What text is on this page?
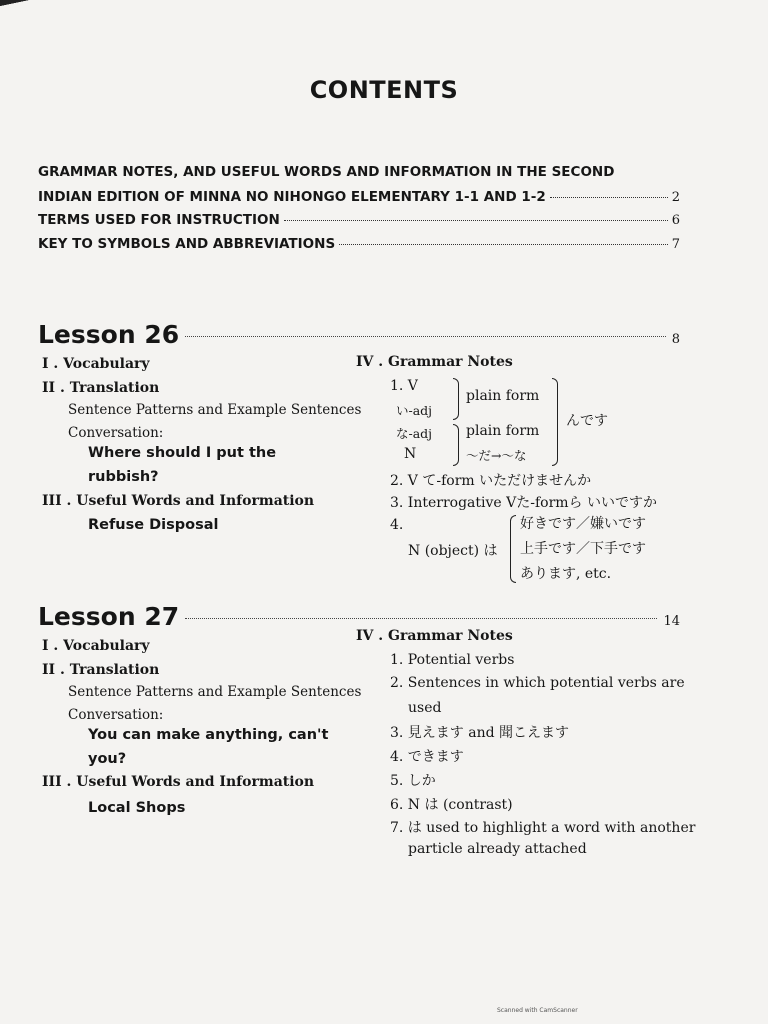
CONTENTS
GRAMMAR NOTES, AND USEFUL WORDS AND INFORMATION IN THE SECOND
INDIAN EDITION OF MINNA NO NIHONGO ELEMENTARY 1-1 AND 1-2	2
TERMS USED FOR INSTRUCTION	6
KEY TO SYMBOLS AND ABBREVIATIONS	7
Lesson 26	8
I . Vocabulary
II . Translation
Sentence Patterns and Example Sentences
Conversation:
Where should I put the
rubbish?
III . Useful Words and Information
Refuse Disposal
IV . Grammar Notes
1. V
い-adj
plain form
な-adj
N
plain form
～だ→～な
んです
2. V て-form いただけませんか
3. Interrogative Vた-formら いいですか
4.
N (object) は
好きです／嫌いです
上手です／下手です
あります, etc.
Lesson 27	14
I . Vocabulary
II . Translation
Sentence Patterns and Example Sentences
Conversation:
You can make anything, can't
you?
III . Useful Words and Information
Local Shops
IV . Grammar Notes
1. Potential verbs
2. Sentences in which potential verbs are
used
3. 見えます and 聞こえます
4. できます
5. しか
6. N は (contrast)
7. は used to highlight a word with another
particle already attached
Scanned with CamScanner
